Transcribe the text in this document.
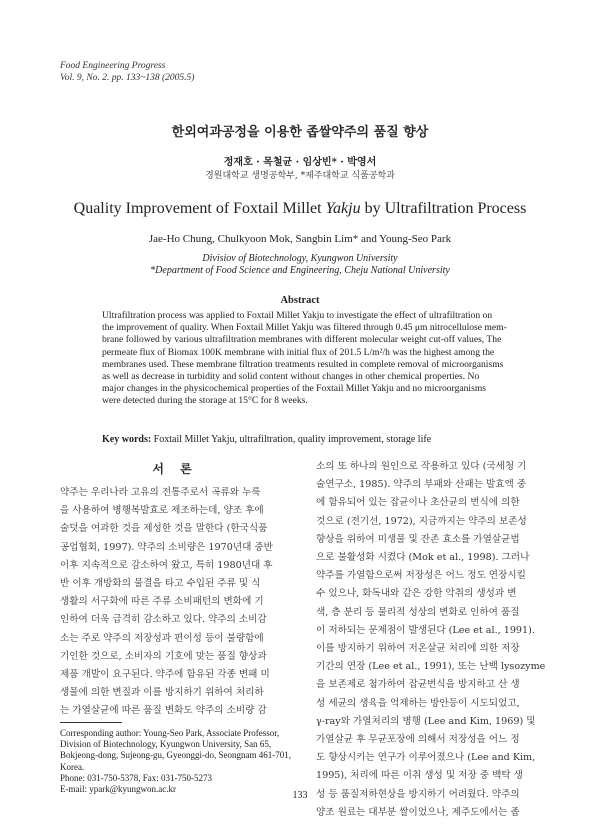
Food Engineering Progress
Vol. 9, No. 2. pp. 133~138 (2005.5)
한외여과공정을 이용한 좁쌀약주의 품질 향상
정재호 · 목철균 · 임상빈* · 박영서
경원대학교 생명공학부, *제주대학교 식품공학과
Quality Improvement of Foxtail Millet Yakju by Ultrafiltration Process
Jae-Ho Chung, Chulkyoon Mok, Sangbin Lim* and Young-Seo Park
Divisiov of Biotechnology, Kyungwon University
*Department of Food Science and Engineering, Cheju National University
Abstract
Ultrafiltration process was applied to Foxtail Millet Yakju to investigate the effect of ultrafiltration on
the improvement of quality. When Foxtail Millet Yakju was filtered through 0.45 μm nitrocellulose mem-
brane followed by various ultrafiltration membranes with different molecular weight cut-off values, The
permeate flux of Biomax 100K membrane with initial flux of 201.5 L/m²/h was the highest among the
membranes used. These membrane filtration treatments resulted in complete removal of microorganisms
as well as decrease in turbidity and solid content without changes in other chemical properties. No
major changes in the physicochemical properties of the Foxtail Millet Yakju and no microorganisms
were detected during the storage at 15°C for 8 weeks.
Key words: Foxtail Millet Yakju, ultrafiltration, quality improvement, storage life
서 론
약주는 우리나라 고유의 전통주로서 곡류와 누룩
을 사용하여 병행복발효로 제조하는데, 양조 후에
술덧을 여과한 것을 제성한 것을 말한다 (한국식품
공업협회, 1997). 약주의 소비량은 1970년대 중반
이후 지속적으로 감소하여 왔고, 특히 1980년대 후
반 이후 개방화의 물결을 타고 수입된 주류 및 식
생활의 서구화에 따른 주류 소비패턴의 변화에 기
인하여 더욱 급격히 감소하고 있다. 약주의 소비감
소는 주로 약주의 저장성과 편이성 등이 불량함에
기인한 것으로, 소비자의 기호에 맞는 품질 향상과
제품 개발이 요구된다. 약주에 함유된 각종 변패 미
생물에 의한 변질과 이를 방지하기 위하여 처리하
는 가열살균에 따른 품질 변화도 약주의 소비량 감
소의 또 하나의 원인으로 작용하고 있다 (국세청 기
술연구소, 1985). 약주의 부패와 산패는 발효액 중
에 함유되어 있는 잡균이나 초산균의 번식에 의한
것으로 (전기선, 1972), 지금까지는 약주의 보존성
향상을 위하여 미생물 및 잔존 효소를 가열살균법
으로 불활성화 시켰다 (Mok et al., 1998). 그러나
약주를 가열함으로써 저장성은 어느 정도 연장시킬
수 있으나, 화독내와 같은 강한 악취의 생성과 변
색, 층 분리 등 물리적 성상의 변화로 인하여 품질
이 저하되는 문제점이 발생된다 (Lee et al., 1991).
이를 방지하기 위하여 저온살균 처리에 의한 저장
기간의 연장 (Lee et al., 1991), 또는 난백 lysozyme
을 보존제로 첨가하여 잡균번식을 방지하고 산 생
성 세균의 생육을 억제하는 방안등이 시도되었고,
γ-ray와 가열처리의 병행 (Lee and Kim, 1969) 및
가열살균 후 무균포장에 의해서 저장성을 어느 정
도 향상시키는 연구가 이루어졌으나 (Lee and Kim,
1995), 처리에 따른 이취 생성 및 저장 중 백탁 생
성 등 품질저하현상을 방지하기 어려웠다. 약주의
양조 원료는 대부분 쌀이었으나, 제주도에서는 좁
Corresponding author: Young-Seo Park, Associate Professor,
Division of Biotechnology, Kyungwon University, San 65,
Bokjeong-dong, Sujeong-gu, Gyeonggi-do, Seongnam 461-701,
Korea.
Phone: 031-750-5378, Fax: 031-750-5273
E-mail: ypark@kyungwon.ac.kr
133
